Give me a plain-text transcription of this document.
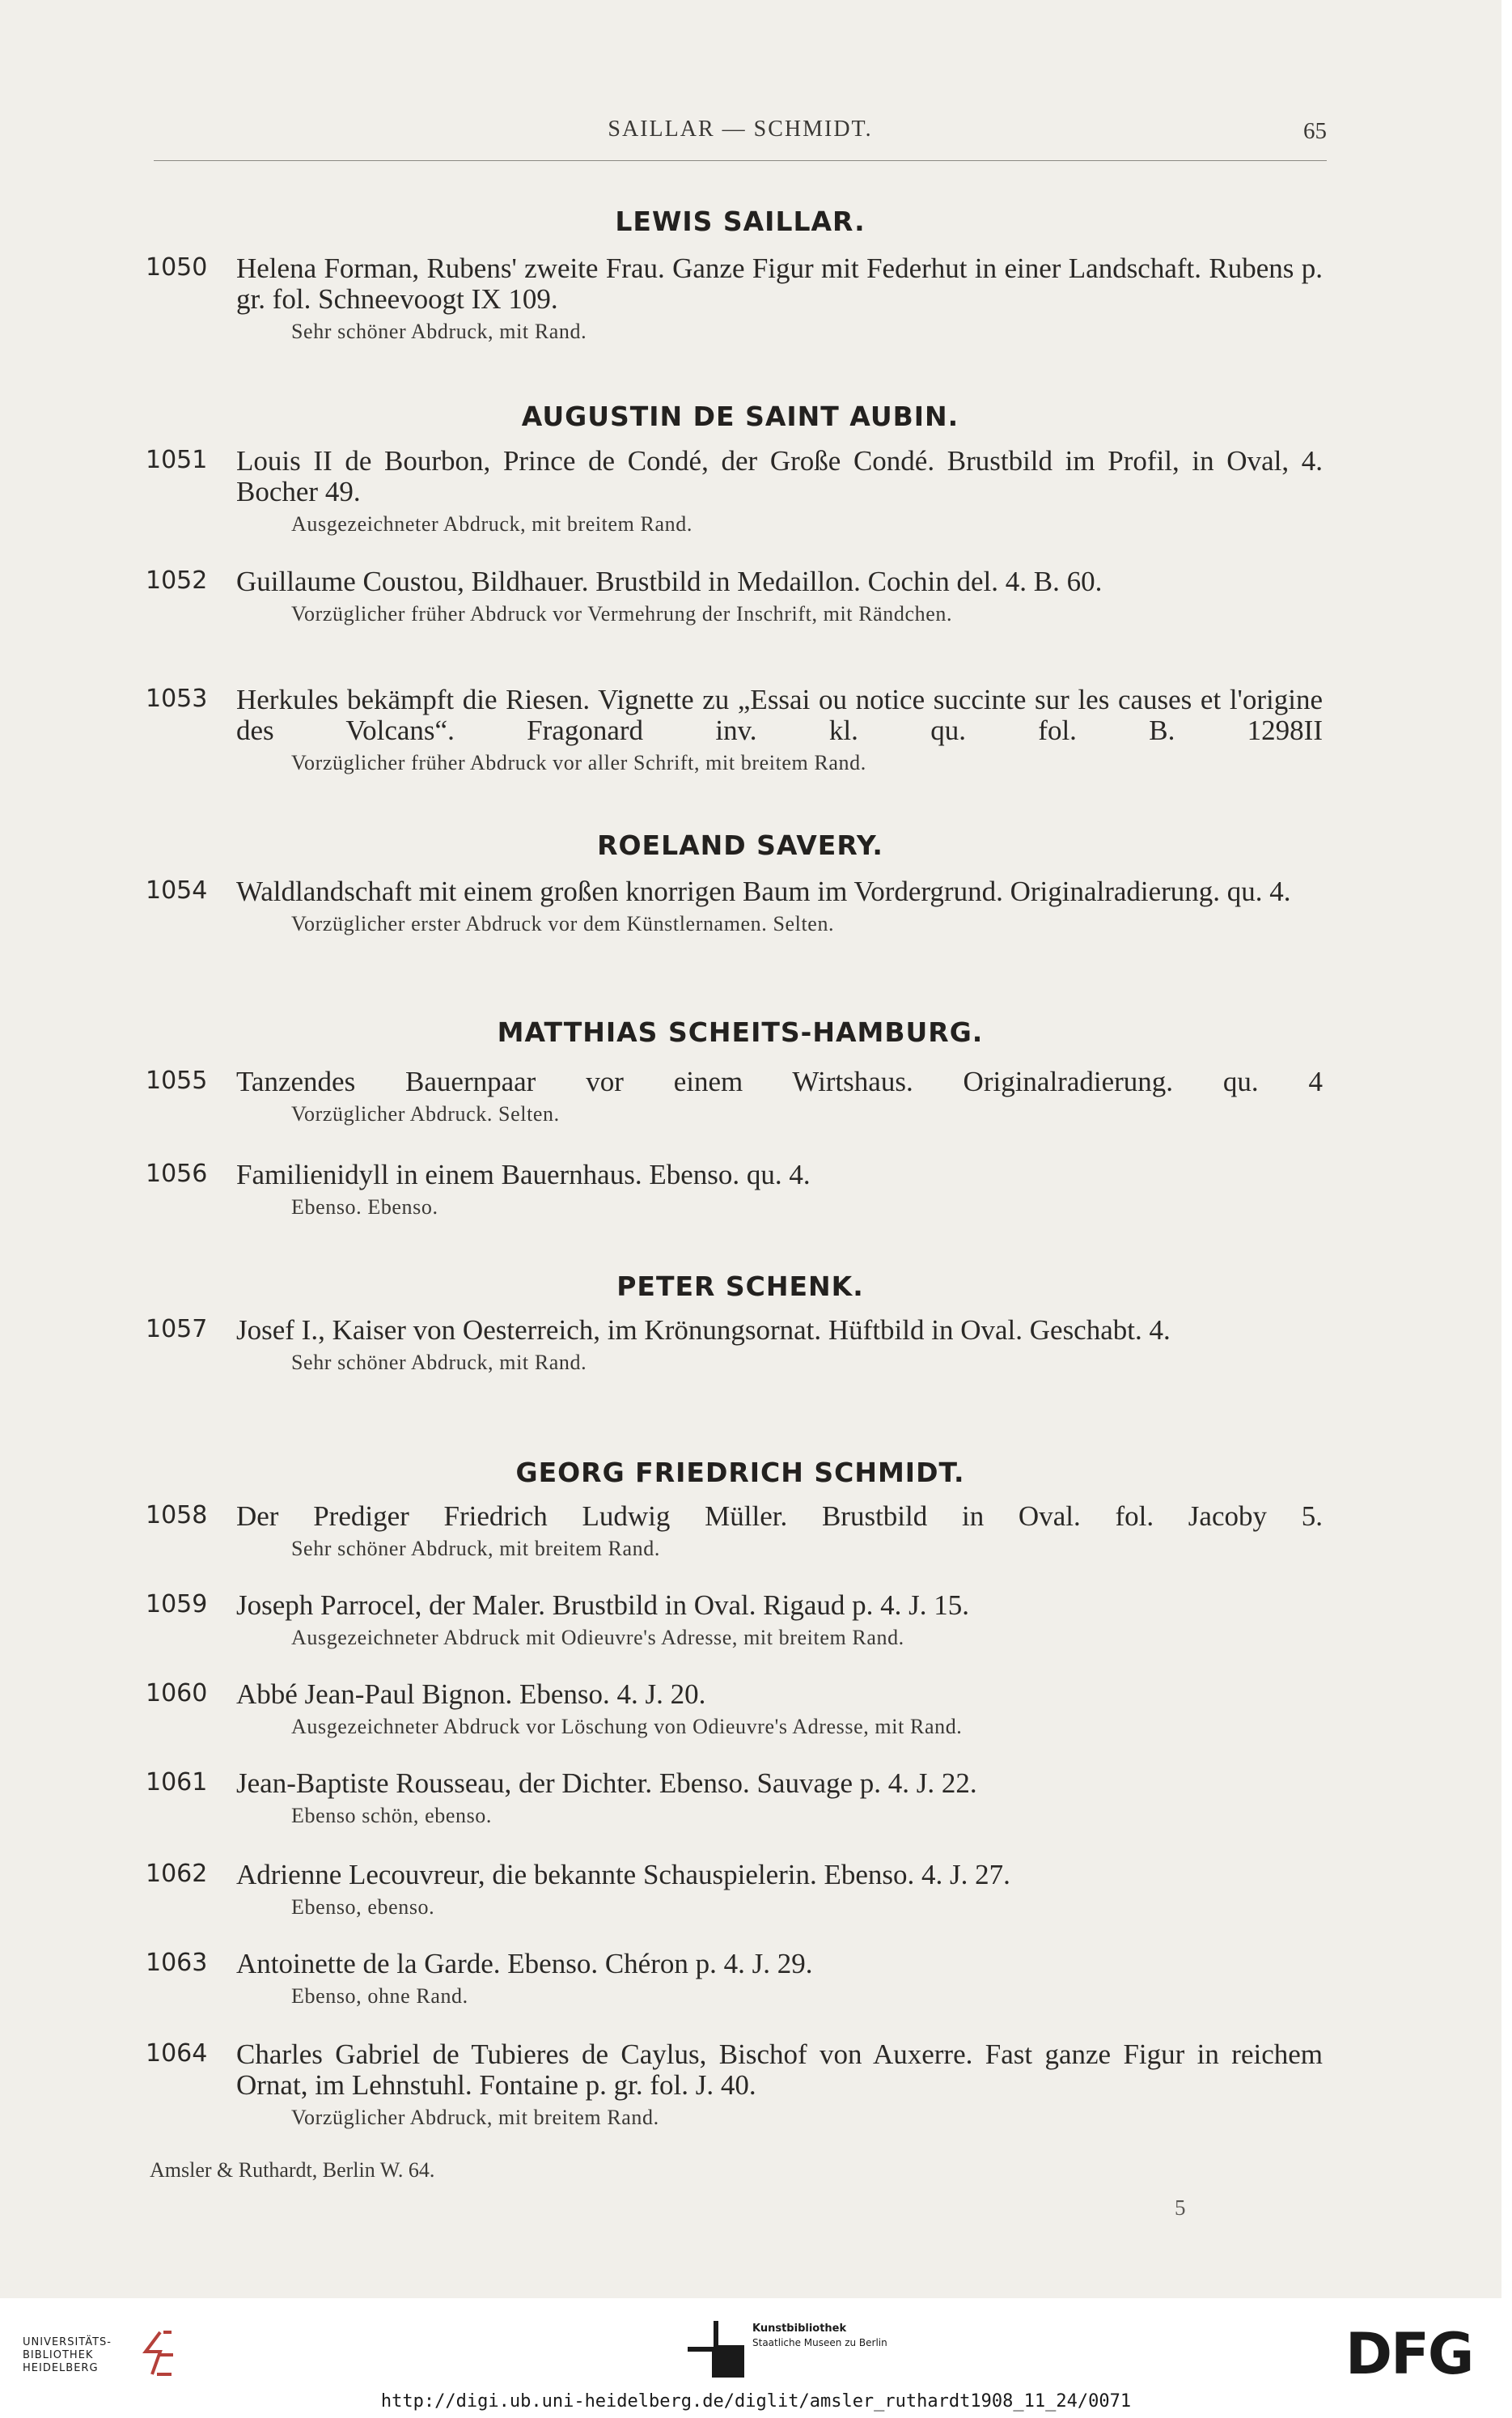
SAILLAR — SCHMIDT.	65
LEWIS SAILLAR.
1050	Helena Forman, Rubens' zweite Frau. Ganze Figur mit Federhut in einer Landschaft. Rubens p. gr. fol. Schneevoogt IX 109.
Sehr schöner Abdruck, mit Rand.
AUGUSTIN DE SAINT AUBIN.
1051	Louis II de Bourbon, Prince de Condé, der Große Condé. Brustbild im Profil, in Oval, 4. Bocher 49.
Ausgezeichneter Abdruck, mit breitem Rand.
1052	Guillaume Coustou, Bildhauer. Brustbild in Medaillon. Cochin del. 4. B. 60.
Vorzüglicher früher Abdruck vor Vermehrung der Inschrift, mit Rändchen.
1053	Herkules bekämpft die Riesen. Vignette zu „Essai ou notice succinte sur les causes et l'origine des Volcans“. Fragonard inv. kl. qu. fol. B. 1298II
Vorzüglicher früher Abdruck vor aller Schrift, mit breitem Rand.
ROELAND SAVERY.
1054	Waldlandschaft mit einem großen knorrigen Baum im Vordergrund. Originalradierung. qu. 4.
Vorzüglicher erster Abdruck vor dem Künstlernamen. Selten.
MATTHIAS SCHEITS-HAMBURG.
1055	Tanzendes Bauernpaar vor einem Wirtshaus. Originalradierung. qu. 4
Vorzüglicher Abdruck. Selten.
1056	Familienidyll in einem Bauernhaus. Ebenso. qu. 4.
Ebenso. Ebenso.
PETER SCHENK.
1057	Josef I., Kaiser von Oesterreich, im Krönungsornat. Hüftbild in Oval. Geschabt. 4.
Sehr schöner Abdruck, mit Rand.
GEORG FRIEDRICH SCHMIDT.
1058	Der Prediger Friedrich Ludwig Müller. Brustbild in Oval. fol. Jacoby 5.
Sehr schöner Abdruck, mit breitem Rand.
1059	Joseph Parrocel, der Maler. Brustbild in Oval. Rigaud p. 4. J. 15.
Ausgezeichneter Abdruck mit Odieuvre's Adresse, mit breitem Rand.
1060	Abbé Jean-Paul Bignon. Ebenso. 4. J. 20.
Ausgezeichneter Abdruck vor Löschung von Odieuvre's Adresse, mit Rand.
1061	Jean-Baptiste Rousseau, der Dichter. Ebenso. Sauvage p. 4. J. 22.
Ebenso schön, ebenso.
1062	Adrienne Lecouvreur, die bekannte Schauspielerin. Ebenso. 4. J. 27.
Ebenso, ebenso.
1063	Antoinette de la Garde. Ebenso. Chéron p. 4. J. 29.
Ebenso, ohne Rand.
1064	Charles Gabriel de Tubieres de Caylus, Bischof von Auxerre. Fast ganze Figur in reichem Ornat, im Lehnstuhl. Fontaine p. gr. fol. J. 40.
Vorzüglicher Abdruck, mit breitem Rand.
Amsler & Ruthardt, Berlin W. 64.
5
UNIVERSITÄTS-
BIBLIOTHEK
HEIDELBERG
Kunstbibliothek
Staatliche Museen zu Berlin	DFG
http://digi.ub.uni-heidelberg.de/diglit/amsler_ruthardt1908_11_24/0071
